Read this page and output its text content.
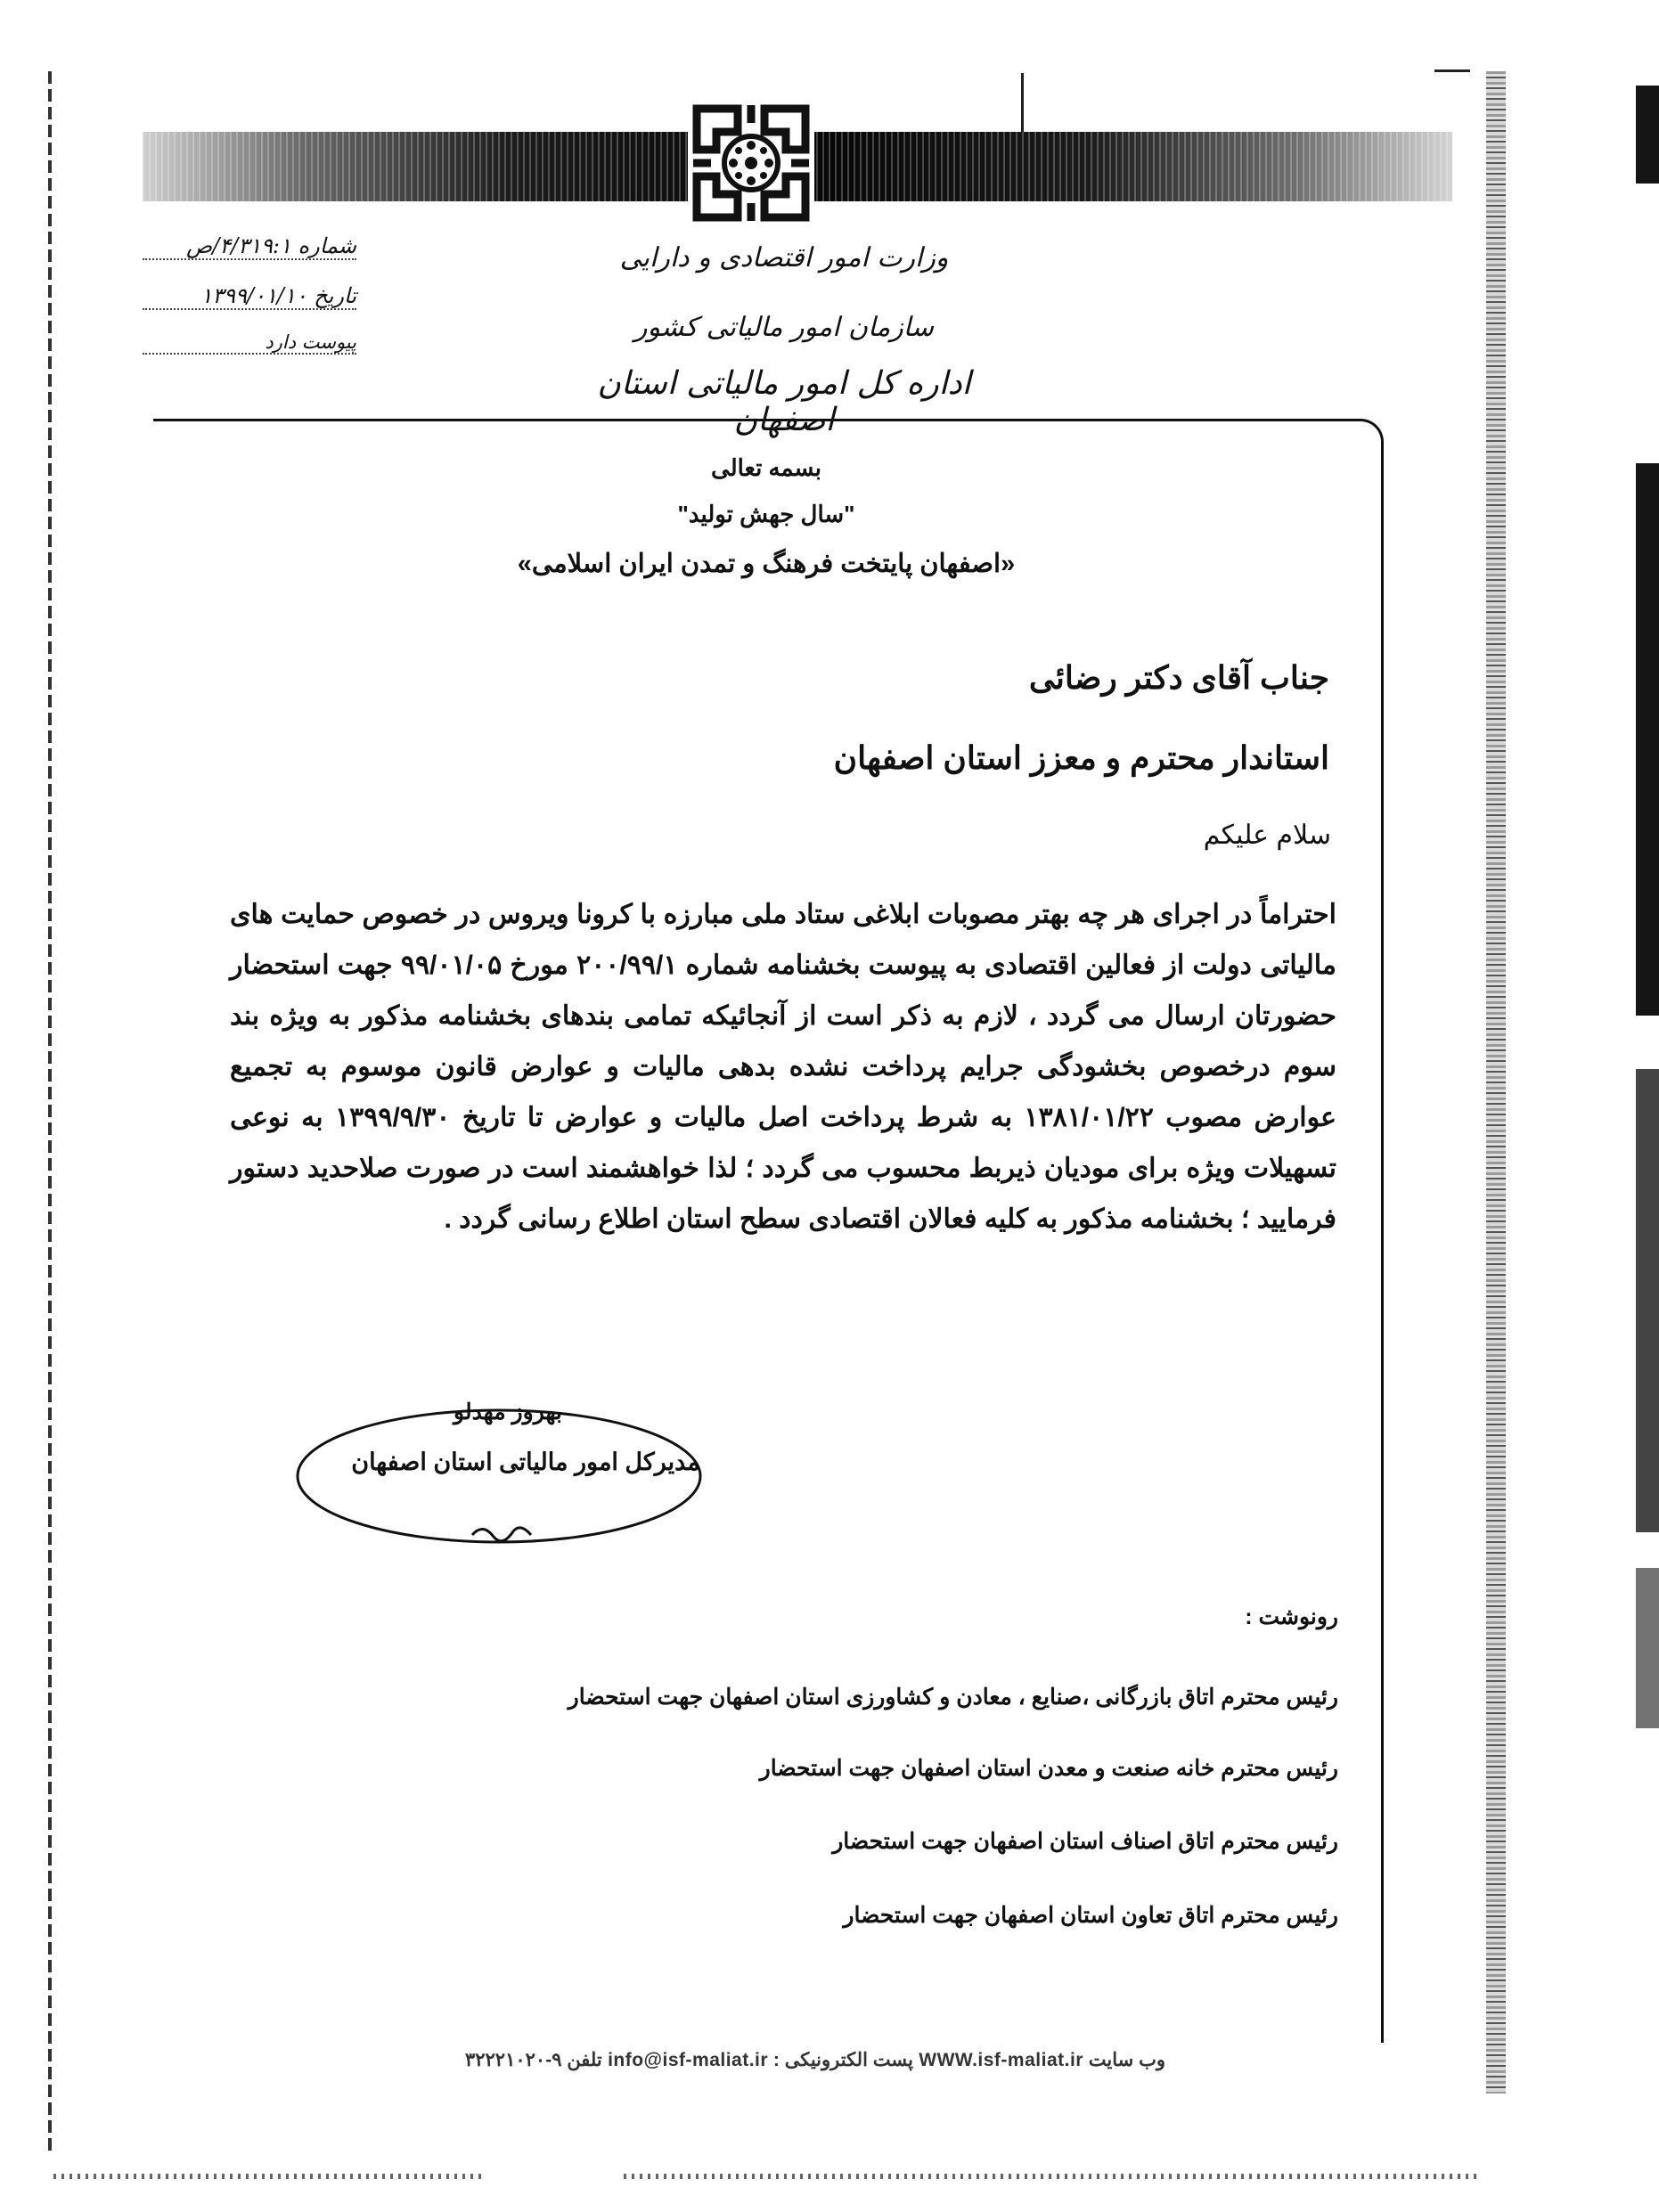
وزارت امور اقتصادی و دارایی
سازمان امور مالیاتی کشور
اداره کل امور مالیاتی استان اصفهان
شماره ۴/۳۱۹:۱/ص
تاریخ ۱۳۹۹/۰۱/۱۰
پیوست دارد
بسمه تعالی
"سال جهش تولید"
«اصفهان پایتخت فرهنگ و تمدن ایران اسلامی»
جناب آقای دکتر رضائی
استاندار محترم و معزز استان اصفهان
سلام علیکم
احتراماً در اجرای هر چه بهتر مصوبات ابلاغی ستاد ملی مبارزه با کرونا ویروس در خصوص حمایت های مالیاتی دولت از فعالین اقتصادی به پیوست بخشنامه شماره ۲۰۰/۹۹/۱ مورخ ۹۹/۰۱/۰۵ جهت استحضار حضورتان ارسال می گردد ، لازم به ذکر است از آنجائیکه تمامی بندهای بخشنامه مذکور به ویژه بند سوم درخصوص بخشودگی جرایم پرداخت نشده بدهی مالیات و عوارض قانون موسوم به تجمیع عوارض مصوب ۱۳۸۱/۰۱/۲۲ به شرط پرداخت اصل مالیات و عوارض تا تاریخ ۱۳۹۹/۹/۳۰ به نوعی تسهیلات ویژه برای مودیان ذیربط محسوب می گردد ؛ لذا خواهشمند است در صورت صلاحدید دستور فرمایید ؛ بخشنامه مذکور به کلیه فعالان اقتصادی سطح استان اطلاع رسانی گردد .
بهروز مهدلو
مدیرکل امور مالیاتی استان اصفهان
رونوشت :
رئیس محترم اتاق بازرگانی ،صنایع ، معادن و کشاورزی استان اصفهان جهت استحضار
رئیس محترم خانه صنعت و معدن استان اصفهان جهت استحضار
رئیس محترم اتاق اصناف استان اصفهان جهت استحضار
رئیس محترم اتاق تعاون استان اصفهان جهت استحضار
وب سایت WWW.isf-maliat.ir پست الکترونیکی : info@isf-maliat.ir تلفن ۹-۳۲۲۲۱۰۲۰
